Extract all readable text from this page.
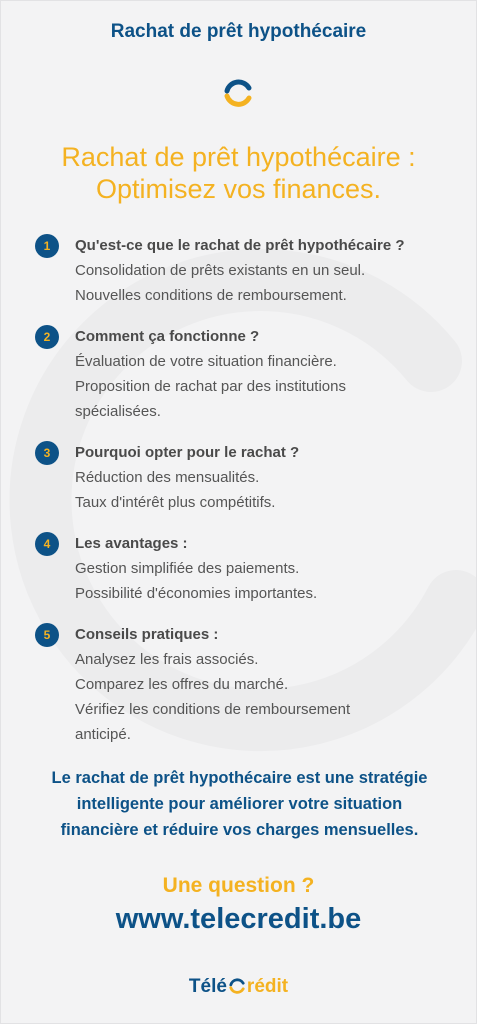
Rachat de prêt hypothécaire
Rachat de prêt hypothécaire :
Optimisez vos finances.
1	Qu'est-ce que le rachat de prêt hypothécaire ?
Consolidation de prêts existants en un seul.
Nouvelles conditions de remboursement.
2	Comment ça fonctionne ?
Évaluation de votre situation financière.
Proposition de rachat par des institutions
spécialisées.
3	Pourquoi opter pour le rachat ?
Réduction des mensualités.
Taux d'intérêt plus compétitifs.
4	Les avantages :
Gestion simplifiée des paiements.
Possibilité d'économies importantes.
5	Conseils pratiques :
Analysez les frais associés.
Comparez les offres du marché.
Vérifiez les conditions de remboursement
anticipé.
Le rachat de prêt hypothécaire est une stratégie
intelligente pour améliorer votre situation
financière et réduire vos charges mensuelles.
Une question ?
www.telecredit.be
Télé rédit
